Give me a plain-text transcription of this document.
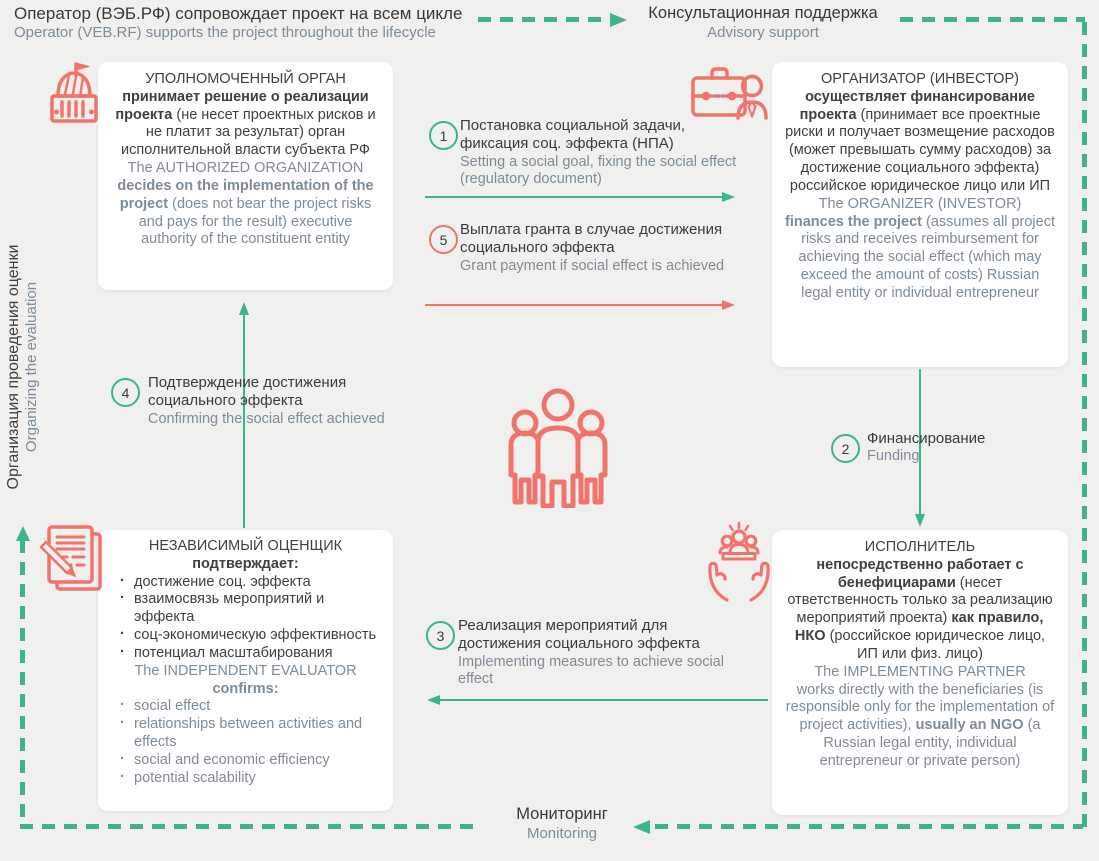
Оператор (ВЭБ.РФ) сопровождает проект на всем цикле
Operator (VEB.RF) supports the project throughout the lifecycle
Консультационная поддержка
Advisory support
Мониторинг
Monitoring
Организация проведения оценки Organizing the evaluation
УПОЛНОМОЧЕННЫЙ ОРГАН
принимает решение о реализации проекта (не несет проектных рисков и не платит за результат) орган исполнительной власти субъекта РФ
The AUTHORIZED ORGANIZATION
decides on the implementation of the project (does not bear the project risks and pays for the result) executive authority of the constituent entity
ОРГАНИЗАТОР (ИНВЕСТОР)
осуществляет финансирование проекта (принимает все проектные риски и получает возмещение расходов (может превышать сумму расходов) за достижение социального эффекта) российское юридическое лицо или ИП
The ORGANIZER (INVESTOR)
finances the project (assumes all project risks and receives reimbursement for achieving the social effect (which may exceed the amount of costs) Russian legal entity or individual entrepreneur
НЕЗАВИСИМЫЙ ОЦЕНЩИК
подтверждает:
· достижение соц. эффекта
· взаимосвязь мероприятий и эффекта
· соц-экономическую эффективность
· потенциал масштабирования
The INDEPENDENT EVALUATOR
confirms:
· social effect
· relationships between activities and effects
· social and economic efficiency
· potential scalability
ИСПОЛНИТЕЛЬ
непосредственно работает с бенефициарами (несет ответственность только за реализацию мероприятий проекта) как правило, НКО (российское юридическое лицо, ИП или физ. лицо)
The IMPLEMENTING PARTNER
works directly with the beneficiaries (is responsible only for the implementation of project activities), usually an NGO (a Russian legal entity, individual entrepreneur or private person)
1
Постановка социальной задачи, фиксация соц. эффекта (НПА)
Setting a social goal, fixing the social effect (regulatory document)
5
Выплата гранта в случае достижения социального эффекта
Grant payment if social effect is achieved
4
Подтверждение достижения социального эффекта
Confirming the social effect achieved
2
Финансирование
Funding
3
Реализация мероприятий для достижения социального эффекта
Implementing measures to achieve social effect
